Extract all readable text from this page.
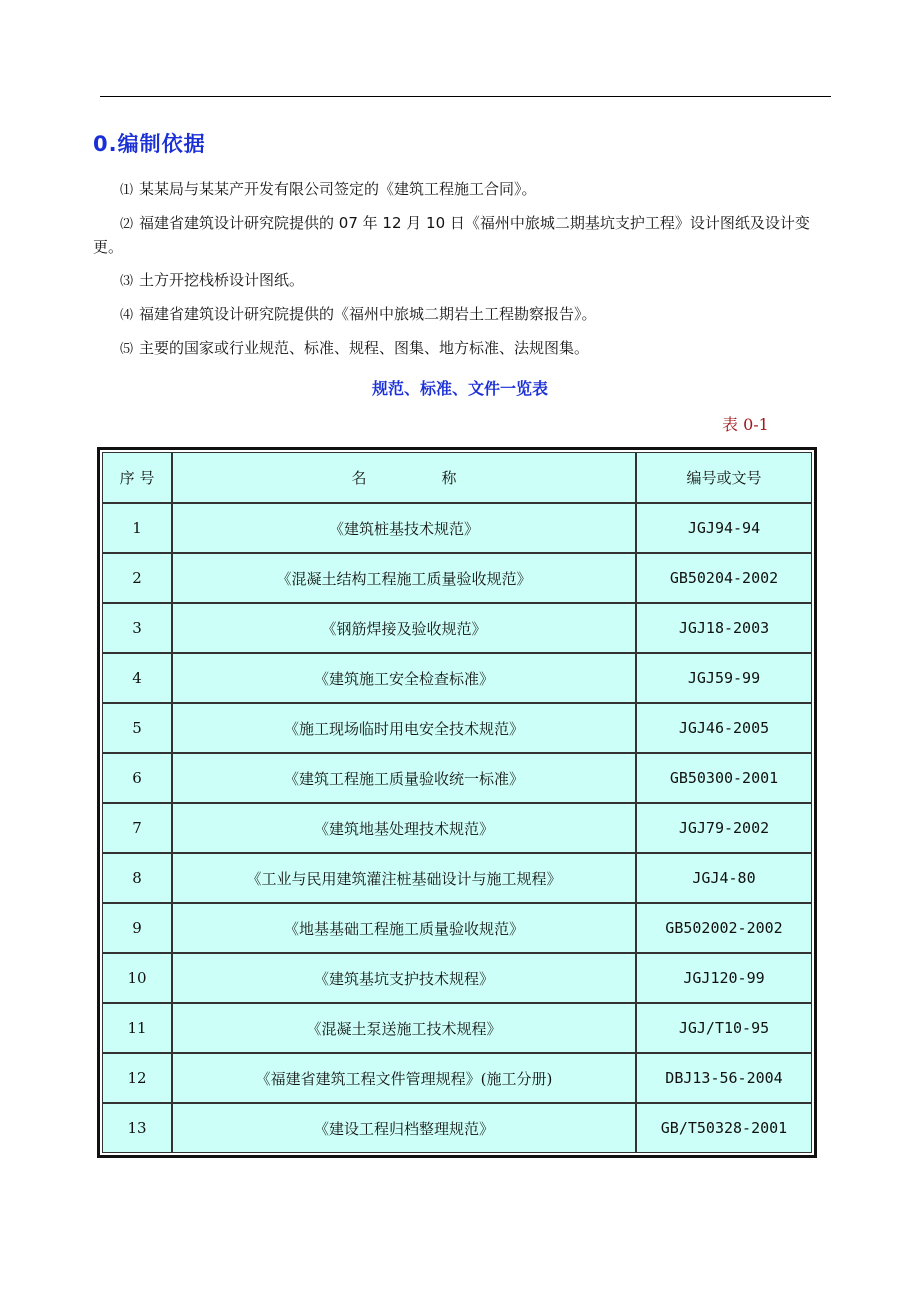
0.编制依据

⑴ 某某局与某某产开发有限公司签定的《建筑工程施工合同》。

⑵ 福建省建筑设计研究院提供的 07 年 12 月 10 日《福州中旅城二期基坑支护工程》设计图纸及设计变更。

⑶ 土方开挖栈桥设计图纸。

⑷ 福建省建筑设计研究院提供的《福州中旅城二期岩土工程勘察报告》。

⑸ 主要的国家或行业规范、标准、规程、图集、地方标准、法规图集。

规范、标准、文件一览表
表 0-1
序 号	名　　　　　称	编号或文号
1	《建筑桩基技术规范》	JGJ94-94
2	《混凝土结构工程施工质量验收规范》	GB50204-2002
3	《钢筋焊接及验收规范》	JGJ18-2003
4	《建筑施工安全检查标准》	JGJ59-99
5	《施工现场临时用电安全技术规范》	JGJ46-2005
6	《建筑工程施工质量验收统一标准》	GB50300-2001
7	《建筑地基处理技术规范》	JGJ79-2002
8	《工业与民用建筑灌注桩基础设计与施工规程》	JGJ4-80
9	《地基基础工程施工质量验收规范》	GB502002-2002
10	《建筑基坑支护技术规程》	JGJ120-99
11	《混凝土泵送施工技术规程》	JGJ/T10-95
12	《福建省建筑工程文件管理规程》(施工分册)	DBJ13-56-2004
13	《建设工程归档整理规范》	GB/T50328-2001
